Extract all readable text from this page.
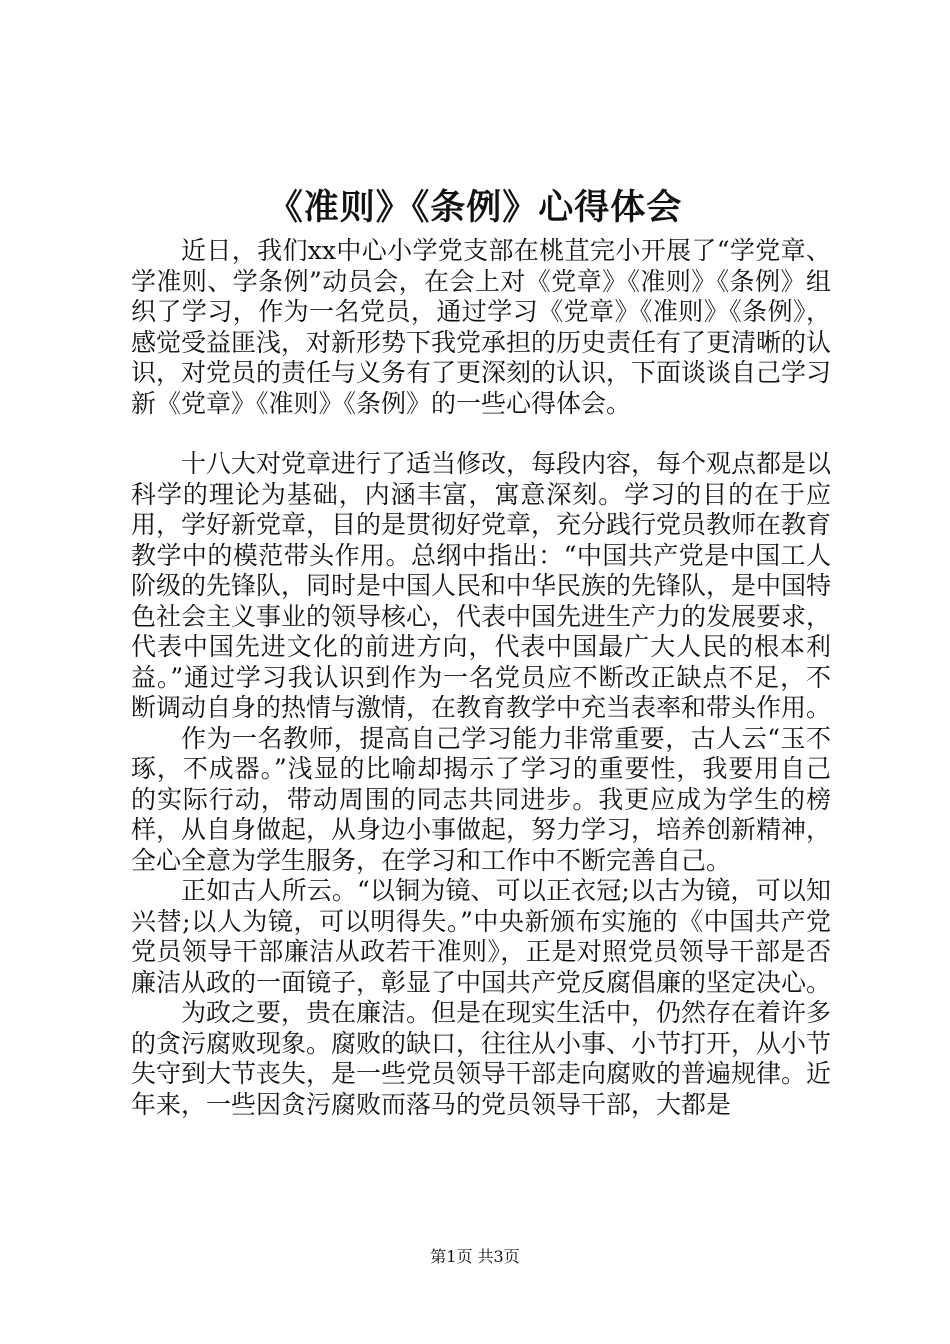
《准则》《条例》心得体会

近日，我们xx中心小学党支部在桃苴完小开展了“学党章、学准则、学条例”动员会，在会上对《党章》《准则》《条例》组织了学习，作为一名党员，通过学习《党章》《准则》《条例》，感觉受益匪浅，对新形势下我党承担的历史责任有了更清晰的认识，对党员的责任与义务有了更深刻的认识，下面谈谈自己学习新《党章》《准则》《条例》的一些心得体会。

十八大对党章进行了适当修改，每段内容，每个观点都是以科学的理论为基础，内涵丰富，寓意深刻。学习的目的在于应用，学好新党章，目的是贯彻好党章，充分践行党员教师在教育教学中的模范带头作用。总纲中指出：“中国共产党是中国工人阶级的先锋队，同时是中国人民和中华民族的先锋队，是中国特色社会主义事业的领导核心，代表中国先进生产力的发展要求，代表中国先进文化的前进方向，代表中国最广大人民的根本利益。”通过学习我认识到作为一名党员应不断改正缺点不足，不断调动自身的热情与激情，在教育教学中充当表率和带头作用。

作为一名教师，提高自己学习能力非常重要，古人云“玉不琢，不成器。”浅显的比喻却揭示了学习的重要性，我要用自己的实际行动，带动周围的同志共同进步。我更应成为学生的榜样，从自身做起，从身边小事做起，努力学习，培养创新精神，全心全意为学生服务，在学习和工作中不断完善自己。

正如古人所云。“以铜为镜、可以正衣冠;以古为镜，可以知兴替;以人为镜，可以明得失。”中央新颁布实施的《中国共产党党员领导干部廉洁从政若干准则》，正是对照党员领导干部是否廉洁从政的一面镜子，彰显了中国共产党反腐倡廉的坚定决心。

为政之要，贵在廉洁。但是在现实生活中，仍然存在着许多的贪污腐败现象。腐败的缺口，往往从小事、小节打开，从小节失守到大节丧失，是一些党员领导干部走向腐败的普遍规律。近年来，一些因贪污腐败而落马的党员领导干部，大都是

第1页 共3页
